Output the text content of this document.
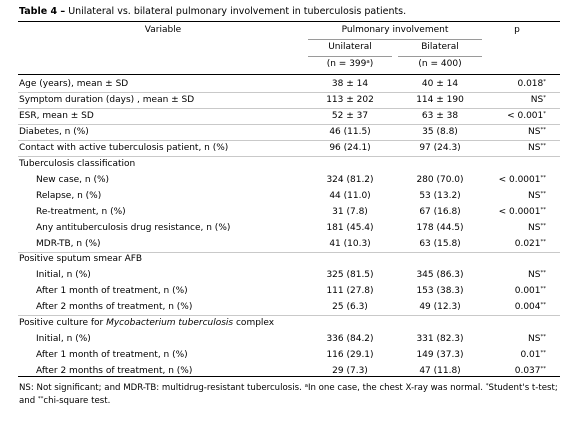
Table 4 – Unilateral vs. bilateral pulmonary involvement in tuberculosis patients.
Variable	Pulmonary involvement	p
Unilateral	Bilateral
$(n = 399^a)$	(n = 400)
Age (years), mean ± SD	38 ± 14	40 ± 14	0.018*
Symptom duration (days) , mean ± SD	113 ± 202	114 ± 190	NS*
ESR, mean ± SD	52 ± 37	63 ± 38	< 0.001*
Diabetes, n (%)	46 (11.5)	35 (8.8)	NS**
Contact with active tuberculosis patient, n (%)	96 (24.1)	97 (24.3)	NS**
Tuberculosis classification
New case, n (%)	324 (81.2)	280 (70.0)	< 0.0001**
Relapse, n (%)	44 (11.0)	53 (13.2)	NS**
Re-treatment, n (%)	31 (7.8)	67 (16.8)	< 0.0001**
Any antituberculosis drug resistance, n (%)	181 (45.4)	178 (44.5)	NS**
MDR-TB, n (%)	41 (10.3)	63 (15.8)	0.021**
Positive sputum smear AFB
Initial, n (%)	325 (81.5)	345 (86.3)	NS**
After 1 month of treatment, n (%)	111 (27.8)	153 (38.3)	0.001**
After 2 months of treatment, n (%)	25 (6.3)	49 (12.3)	0.004**
Positive culture for Mycobacterium tuberculosis complex
Initial, n (%)	336 (84.2)	331 (82.3)	NS**
After 1 month of treatment, n (%)	116 (29.1)	149 (37.3)	0.01**
After 2 months of treatment, n (%)	29 (7.3)	47 (11.8)	0.037**
NS: Not significant; and MDR-TB: multidrug-resistant tuberculosis. $^a$In one case, the chest X-ray was normal. *Student's t-test; and **chi-square test.
